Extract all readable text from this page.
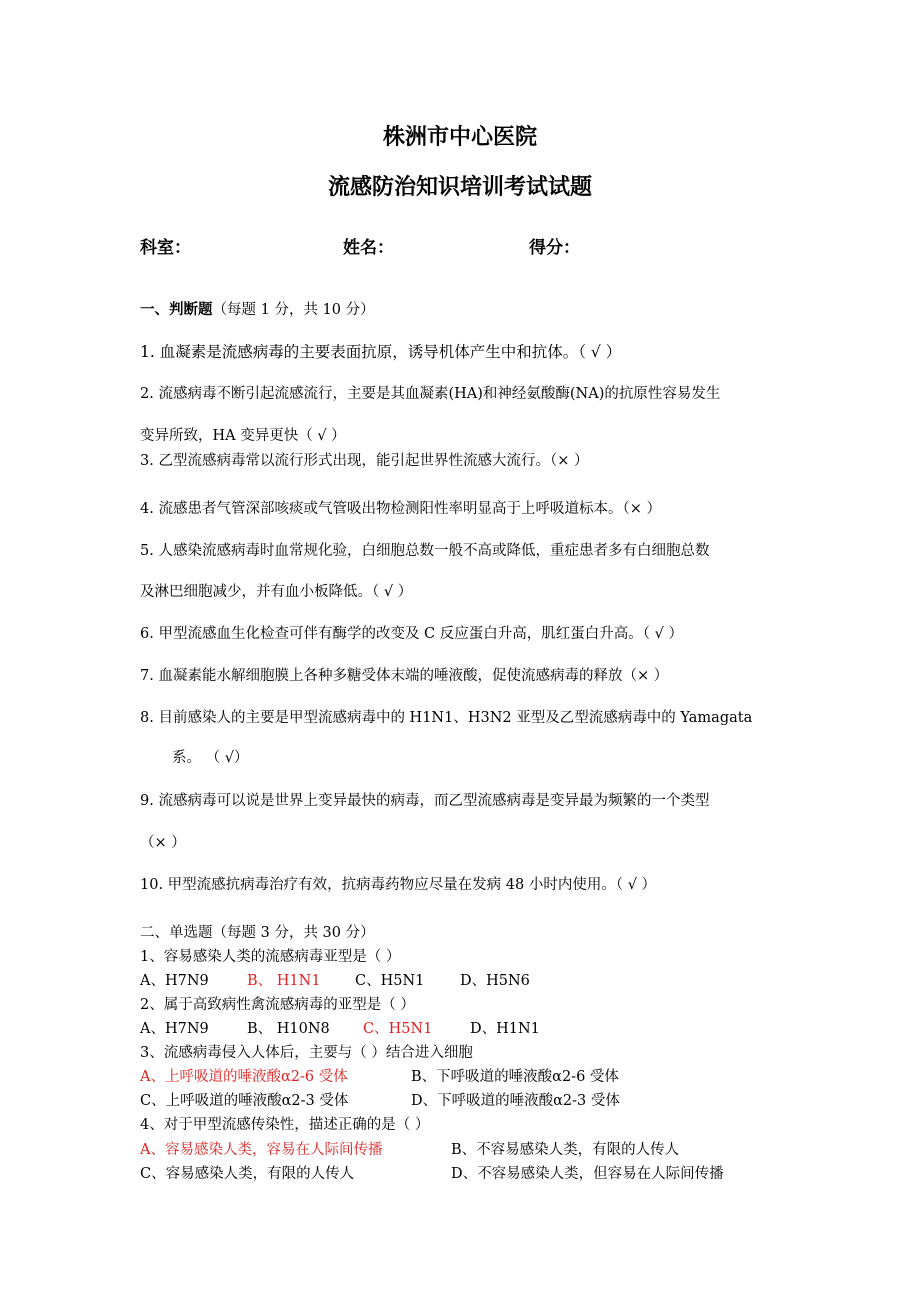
株洲市中心医院
流感防治知识培训考试试题
科室：	姓名：	得分：
一、判断题（每题 1 分，共 10 分）
1. 血凝素是流感病毒的主要表面抗原，诱导机体产生中和抗体。（ √ ）
2. 流感病毒不断引起流感流行，主要是其血凝素(HA)和神经氨酸酶(NA)的抗原性容易发生
变异所致，HA 变异更快（ √ ）
3. 乙型流感病毒常以流行形式出现，能引起世界性流感大流行。（× ）
4. 流感患者气管深部咳痰或气管吸出物检测阳性率明显高于上呼吸道标本。（× ）
5. 人感染流感病毒时血常规化验，白细胞总数一般不高或降低，重症患者多有白细胞总数
及淋巴细胞减少，并有血小板降低。（ √ ）
6. 甲型流感血生化检查可伴有酶学的改变及 C 反应蛋白升高，肌红蛋白升高。（ √ ）
7. 血凝素能水解细胞膜上各种多糖受体末端的唾液酸，促使流感病毒的释放（× ）
8. 目前感染人的主要是甲型流感病毒中的 H1N1、H3N2 亚型及乙型流感病毒中的 Yamagata
系。 （ √）
9. 流感病毒可以说是世界上变异最快的病毒，而乙型流感病毒是变异最为频繁的一个类型
（× ）
10. 甲型流感抗病毒治疗有效，抗病毒药物应尽量在发病 48 小时内使用。（ √ ）
二、单选题（每题 3 分，共 30 分）
1、容易感染人类的流感病毒亚型是（ ）
A、H7N9	B、 H1N1 C、H5N1 D、H5N6
2、属于高致病性禽流感病毒的亚型是（ ）
A、H7N9	B、 H10N8 C、H5N1	D、H1N1
3、流感病毒侵入人体后，主要与（ ）结合进入细胞
A、上呼吸道的唾液酸α2-6 受体	B、下呼吸道的唾液酸α2-6 受体
C、上呼吸道的唾液酸α2-3 受体	D、下呼吸道的唾液酸α2-3 受体
4、对于甲型流感传染性，描述正确的是（ ）
A、容易感染人类，容易在人际间传播	B、不容易感染人类，有限的人传人
C、容易感染人类，有限的人传人	D、不容易感染人类，但容易在人际间传播
